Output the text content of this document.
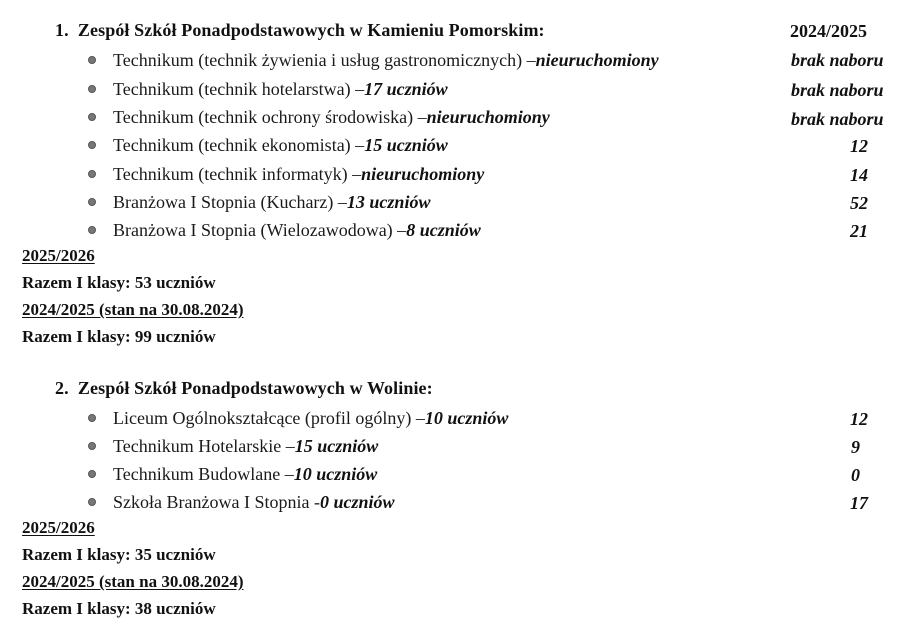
1. Zespół Szkół Ponadpodstawowych w Kamieniu Pomorskim:	2024/2025
Technikum (technik żywienia i usług gastronomicznych) – nieuruchomiony	brak naboru
Technikum (technik hotelarstwa) – 17 uczniów	brak naboru
Technikum (technik ochrony środowiska) – nieuruchomiony	brak naboru
Technikum (technik ekonomista) – 15 uczniów	12
Technikum (technik informatyk) – nieuruchomiony	14
Branżowa I Stopnia (Kucharz) – 13 uczniów	52
Branżowa I Stopnia (Wielozawodowa) – 8 uczniów	21
2025/2026
Razem I klasy: 53 uczniów
2024/2025 (stan na 30.08.2024)
Razem I klasy: 99 uczniów
2. Zespół Szkół Ponadpodstawowych w Wolinie:
Liceum Ogólnokształcące (profil ogólny) – 10 uczniów	12
Technikum Hotelarskie – 15 uczniów	9
Technikum Budowlane – 10 uczniów	0
Szkoła Branżowa I Stopnia - 0 uczniów	17
2025/2026
Razem I klasy: 35 uczniów
2024/2025 (stan na 30.08.2024)
Razem I klasy: 38 uczniów
